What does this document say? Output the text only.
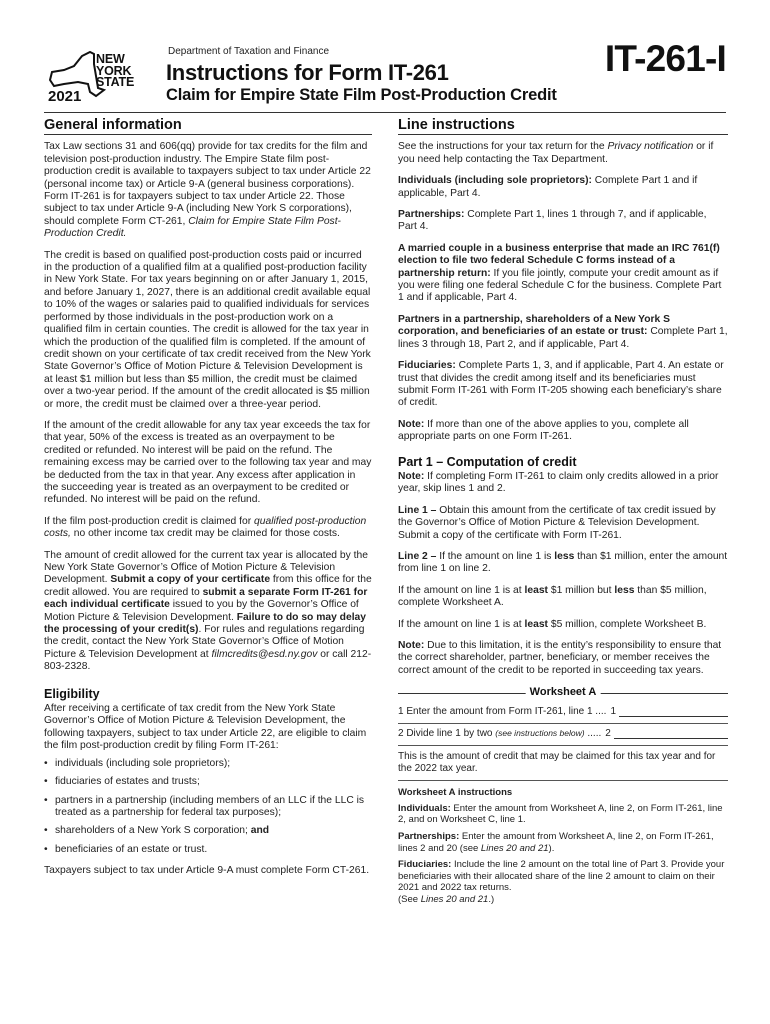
NEW
YORK
STATE
2021
Department of Taxation and Finance
Instructions for Form IT-261
Claim for Empire State Film Post-Production Credit
IT-261-I
General information

Tax Law sections 31 and 606(qq) provide for tax credits for the film and television post-production industry. The Empire State film post-production credit is available to taxpayers subject to tax under Article 22 (personal income tax) or Article 9-A (general business corporations). Form IT-261 is for taxpayers subject to tax under Article 22. Those subject to tax under Article 9-A (including New York S corporations), should complete Form CT-261, Claim for Empire State Film Post-Production Credit.

The credit is based on qualified post-production costs paid or incurred in the production of a qualified film at a qualified post-production facility in New York State. For tax years beginning on or after January 1, 2015, and before January 1, 2027, there is an additional credit available equal to 10% of the wages or salaries paid to qualified individuals for services performed by those individuals in the post-production work on a qualified film in certain counties. The credit is allowed for the tax year in which the production of the qualified film is completed. If the amount of credit shown on your certificate of tax credit received from the New York State Governor’s Office of Motion Picture & Television Development is at least $1 million but less than $5 million, the credit must be claimed over a two-year period. If the amount of the credit allocated is $5 million or more, the credit must be claimed over a three-year period.

If the amount of the credit allowable for any tax year exceeds the tax for that year, 50% of the excess is treated as an overpayment to be credited or refunded. No interest will be paid on the refund. The remaining excess may be carried over to the following tax year and may be deducted from the tax in that year. Any excess after application in the succeeding year is treated as an overpayment to be credited or refunded. No interest will be paid on the refund.

If the film post-production credit is claimed for qualified post-production costs, no other income tax credit may be claimed for those costs.

The amount of credit allowed for the current tax year is allocated by the New York State Governor’s Office of Motion Picture & Television Development. Submit a copy of your certificate from this office for the credit allowed. You are required to submit a separate Form IT-261 for each individual certificate issued to you by the Governor’s Office of Motion Picture & Television Development. Failure to do so may delay the processing of your credit(s). For rules and regulations regarding the credit, contact the New York State Governor’s Office of Motion Picture & Television Development at filmcredits@esd.ny.gov or call 212-803-2328.

Eligibility

After receiving a certificate of tax credit from the New York State Governor’s Office of Motion Picture & Television Development, the following taxpayers, subject to tax under Article 22, are eligible to claim the film post-production credit by filing Form IT-261:

• individuals (including sole proprietors);
• fiduciaries of estates and trusts;
• partners in a partnership (including members of an LLC if the LLC is treated as a partnership for federal tax purposes);
• shareholders of a New York S corporation; and
• beneficiaries of an estate or trust.

Taxpayers subject to tax under Article 9-A must complete Form CT-261.

Line instructions

See the instructions for your tax return for the Privacy notification or if you need help contacting the Tax Department.

Individuals (including sole proprietors): Complete Part 1 and if applicable, Part 4.

Partnerships: Complete Part 1, lines 1 through 7, and if applicable, Part 4.

A married couple in a business enterprise that made an IRC 761(f) election to file two federal Schedule C forms instead of a partnership return: If you file jointly, compute your credit amount as if you were filing one federal Schedule C for the business. Complete Part 1 and if applicable, Part 4.

Partners in a partnership, shareholders of a New York S corporation, and beneficiaries of an estate or trust: Complete Part 1, lines 3 through 18, Part 2, and if applicable, Part 4.

Fiduciaries: Complete Parts 1, 3, and if applicable, Part 4. An estate or trust that divides the credit among itself and its beneficiaries must submit Form IT-261 with Form IT-205 showing each beneficiary’s share of credit.

Note: If more than one of the above applies to you, complete all appropriate parts on one Form IT-261.

Part 1 – Computation of credit

Note: If completing Form IT-261 to claim only credits allowed in a prior year, skip lines 1 and 2.

Line 1 – Obtain this amount from the certificate of tax credit issued by the Governor’s Office of Motion Picture & Television Development. Submit a copy of the certificate with Form IT-261.

Line 2 – If the amount on line 1 is less than $1 million, enter the amount from line 1 on line 2.

If the amount on line 1 is at least $1 million but less than $5 million, complete Worksheet A.

If the amount on line 1 is at least $5 million, complete Worksheet B.

Note: Due to this limitation, it is the entity’s responsibility to ensure that the correct shareholder, partner, beneficiary, or member receives the correct amount of the credit to be reported in succeeding tax years.

Worksheet A
1 Enter the amount from Form IT-261, line 1 .... 1
2 Divide line 1 by two (see instructions below) ..... 2
This is the amount of credit that may be claimed for this tax year and for the 2022 tax year.
Worksheet A instructions

Individuals: Enter the amount from Worksheet A, line 2, on Form IT-261, line 2, and on Worksheet C, line 1.

Partnerships: Enter the amount from Worksheet A, line 2, on Form IT-261, lines 2 and 20 (see Lines 20 and 21).

Fiduciaries: Include the line 2 amount on the total line of Part 3. Provide your beneficiaries with their allocated share of the line 2 amount to claim on their 2021 and 2022 tax returns.
(See Lines 20 and 21.)
